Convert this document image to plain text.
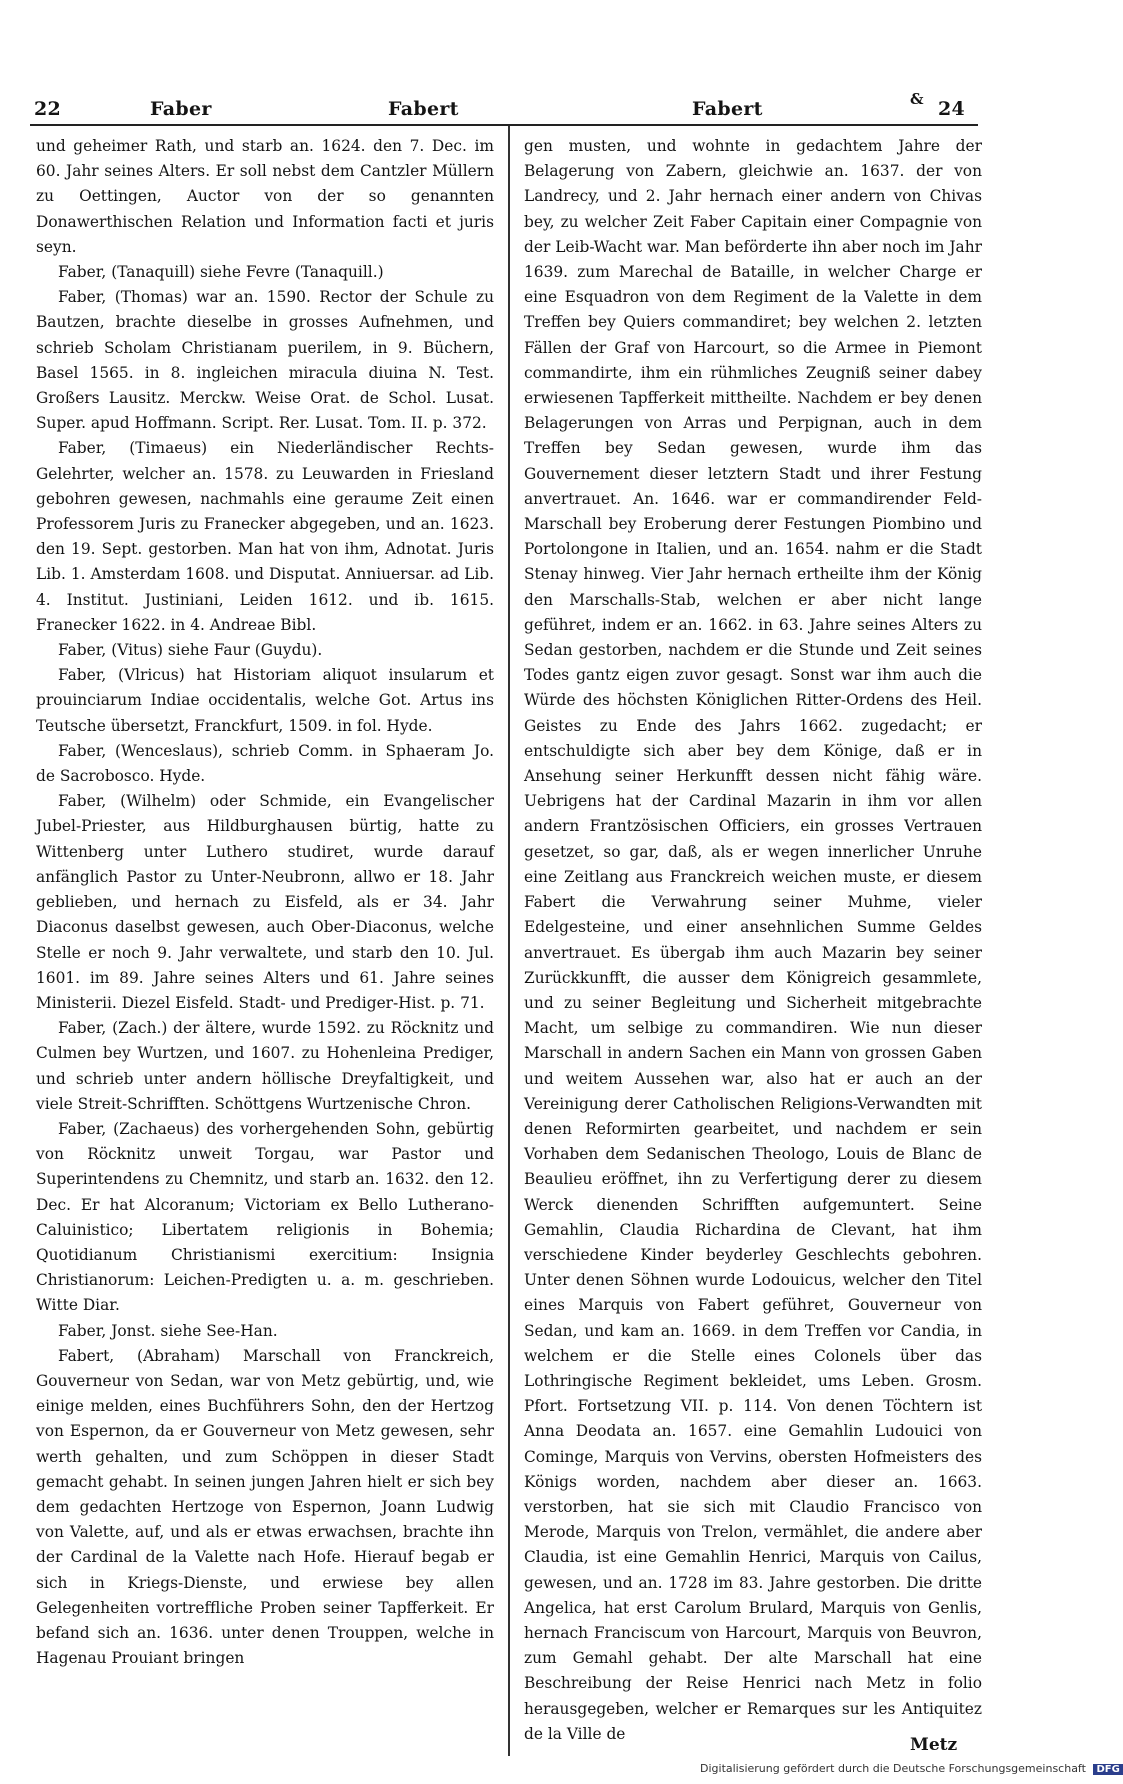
22	Faber	Fabert	Fabert	& 24

und geheimer Rath, und starb an. 1624. den 7. Dec. im 60. Jahr seines Alters. Er soll nebst dem Cantzler Müllern zu Oettingen, Auctor von der so genannten Donawerthischen Relation und Information facti et juris seyn.

Faber, (Tanaquill) siehe Fevre (Tanaquill.)

Faber, (Thomas) war an. 1590. Rector der Schule zu Bautzen, brachte dieselbe in grosses Aufnehmen, und schrieb Scholam Christianam puerilem, in 9. Büchern, Basel 1565. in 8. ingleichen miracula diuina N. Test. Großers Lausitz. Merckw. Weise Orat. de Schol. Lusat. Super. apud Hoffmann. Script. Rer. Lusat. Tom. II. p. 372.

Faber, (Timaeus) ein Niederländischer Rechts-Gelehrter, welcher an. 1578. zu Leuwarden in Friesland gebohren gewesen, nachmahls eine geraume Zeit einen Professorem Juris zu Franecker abgegeben, und an. 1623. den 19. Sept. gestorben. Man hat von ihm, Adnotat. Juris Lib. 1. Amsterdam 1608. und Disputat. Anniuersar. ad Lib. 4. Institut. Justiniani, Leiden 1612. und ib. 1615. Franecker 1622. in 4. Andreae Bibl.

Faber, (Vitus) siehe Faur (Guydu).

Faber, (Vlricus) hat Historiam aliquot insularum et prouinciarum Indiae occidentalis, welche Got. Artus ins Teutsche übersetzt, Franckfurt, 1509. in fol. Hyde.

Faber, (Wenceslaus), schrieb Comm. in Sphaeram Jo. de Sacrobosco. Hyde.

Faber, (Wilhelm) oder Schmide, ein Evangelischer Jubel-Priester, aus Hildburghausen bürtig, hatte zu Wittenberg unter Luthero studiret, wurde darauf anfänglich Pastor zu Unter-Neubronn, allwo er 18. Jahr geblieben, und hernach zu Eisfeld, als er 34. Jahr Diaconus daselbst gewesen, auch Ober-Diaconus, welche Stelle er noch 9. Jahr verwaltete, und starb den 10. Jul. 1601. im 89. Jahre seines Alters und 61. Jahre seines Ministerii. Diezel Eisfeld. Stadt- und Prediger-Hist. p. 71.

Faber, (Zach.) der ältere, wurde 1592. zu Röcknitz und Culmen bey Wurtzen, und 1607. zu Hohenleina Prediger, und schrieb unter andern höllische Dreyfaltigkeit, und viele Streit-Schrifften. Schöttgens Wurtzenische Chron.

Faber, (Zachaeus) des vorhergehenden Sohn, gebürtig von Röcknitz unweit Torgau, war Pastor und Superintendens zu Chemnitz, und starb an. 1632. den 12. Dec. Er hat Alcoranum; Victoriam ex Bello Lutherano-Caluinistico; Libertatem religionis in Bohemia; Quotidianum Christianismi exercitium: Insignia Christianorum: Leichen-Predigten u. a. m. geschrieben. Witte Diar.

Faber, Jonst. siehe See-Han.

Fabert, (Abraham) Marschall von Franckreich, Gouverneur von Sedan, war von Metz gebürtig, und, wie einige melden, eines Buchführers Sohn, den der Hertzog von Espernon, da er Gouverneur von Metz gewesen, sehr werth gehalten, und zum Schöppen in dieser Stadt gemacht gehabt. In seinen jungen Jahren hielt er sich bey dem gedachten Hertzoge von Espernon, Joann Ludwig von Valette, auf, und als er etwas erwachsen, brachte ihn der Cardinal de la Valette nach Hofe. Hierauf begab er sich in Kriegs-Dienste, und erwiese bey allen Gelegenheiten vortreffliche Proben seiner Tapfferkeit. Er befand sich an. 1636. unter denen Trouppen, welche in Hagenau Prouiant bringen

gen musten, und wohnte in gedachtem Jahre der Belagerung von Zabern, gleichwie an. 1637. der von Landrecy, und 2. Jahr hernach einer andern von Chivas bey, zu welcher Zeit Faber Capitain einer Compagnie von der Leib-Wacht war. Man beförderte ihn aber noch im Jahr 1639. zum Marechal de Bataille, in welcher Charge er eine Esquadron von dem Regiment de la Valette in dem Treffen bey Quiers commandiret; bey welchen 2. letzten Fällen der Graf von Harcourt, so die Armee in Piemont commandirte, ihm ein rühmliches Zeugniß seiner dabey erwiesenen Tapfferkeit mittheilte. Nachdem er bey denen Belagerungen von Arras und Perpignan, auch in dem Treffen bey Sedan gewesen, wurde ihm das Gouvernement dieser letztern Stadt und ihrer Festung anvertrauet. An. 1646. war er commandirender Feld-Marschall bey Eroberung derer Festungen Piombino und Portolongone in Italien, und an. 1654. nahm er die Stadt Stenay hinweg. Vier Jahr hernach ertheilte ihm der König den Marschalls-Stab, welchen er aber nicht lange geführet, indem er an. 1662. in 63. Jahre seines Alters zu Sedan gestorben, nachdem er die Stunde und Zeit seines Todes gantz eigen zuvor gesagt. Sonst war ihm auch die Würde des höchsten Königlichen Ritter-Ordens des Heil. Geistes zu Ende des Jahrs 1662. zugedacht; er entschuldigte sich aber bey dem Könige, daß er in Ansehung seiner Herkunfft dessen nicht fähig wäre. Uebrigens hat der Cardinal Mazarin in ihm vor allen andern Frantzösischen Officiers, ein grosses Vertrauen gesetzet, so gar, daß, als er wegen innerlicher Unruhe eine Zeitlang aus Franckreich weichen muste, er diesem Fabert die Verwahrung seiner Muhme, vieler Edelgesteine, und einer ansehnlichen Summe Geldes anvertrauet. Es übergab ihm auch Mazarin bey seiner Zurückkunfft, die ausser dem Königreich gesammlete, und zu seiner Begleitung und Sicherheit mitgebrachte Macht, um selbige zu commandiren. Wie nun dieser Marschall in andern Sachen ein Mann von grossen Gaben und weitem Aussehen war, also hat er auch an der Vereinigung derer Catholischen Religions-Verwandten mit denen Reformirten gearbeitet, und nachdem er sein Vorhaben dem Sedanischen Theologo, Louis de Blanc de Beaulieu eröffnet, ihn zu Verfertigung derer zu diesem Werck dienenden Schrifften aufgemuntert. Seine Gemahlin, Claudia Richardina de Clevant, hat ihm verschiedene Kinder beyderley Geschlechts gebohren. Unter denen Söhnen wurde Lodouicus, welcher den Titel eines Marquis von Fabert geführet, Gouverneur von Sedan, und kam an. 1669. in dem Treffen vor Candia, in welchem er die Stelle eines Colonels über das Lothringische Regiment bekleidet, ums Leben. Grosm. Pfort. Fortsetzung VII. p. 114. Von denen Töchtern ist Anna Deodata an. 1657. eine Gemahlin Ludouici von Cominge, Marquis von Vervins, obersten Hofmeisters des Königs worden, nachdem aber dieser an. 1663. verstorben, hat sie sich mit Claudio Francisco von Merode, Marquis von Trelon, vermählet, die andere aber Claudia, ist eine Gemahlin Henrici, Marquis von Cailus, gewesen, und an. 1728 im 83. Jahre gestorben. Die dritte Angelica, hat erst Carolum Brulard, Marquis von Genlis, hernach Franciscum von Harcourt, Marquis von Beuvron, zum Gemahl gehabt. Der alte Marschall hat eine Beschreibung der Reise Henrici nach Metz in folio herausgegeben, welcher er Remarques sur les Antiquitez de la Ville de

Metz
Digitalisierung gefördert durch die Deutsche Forschungsgemeinschaft DFG
